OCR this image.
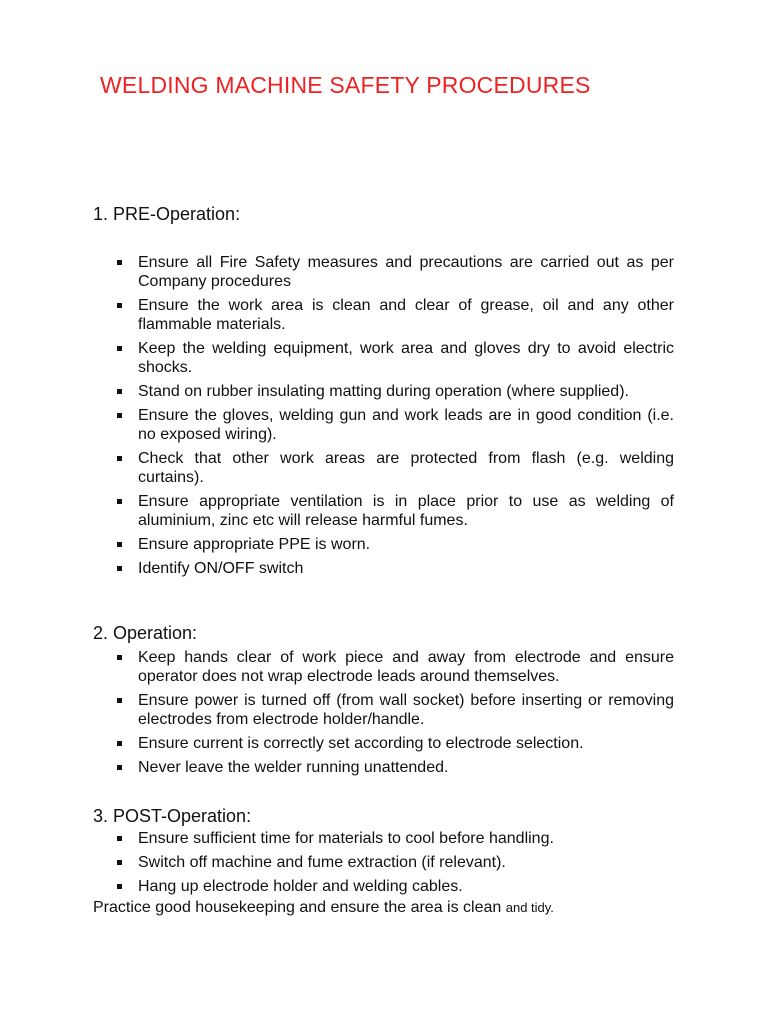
WELDING MACHINE SAFETY PROCEDURES
1. PRE-Operation:
Ensure all Fire Safety measures and precautions are carried out as per Company procedures
Ensure the work area is clean and clear of grease, oil and any other flammable materials.
Keep the welding equipment, work area and gloves dry to avoid electric shocks.
Stand on rubber insulating matting during operation (where supplied).
Ensure the gloves, welding gun and work leads are in good condition (i.e. no exposed wiring).
Check that other work areas are protected from flash (e.g. welding curtains).
Ensure appropriate ventilation is in place prior to use as welding of aluminium, zinc etc will release harmful fumes.
Ensure appropriate PPE is worn.
Identify ON/OFF switch
2. Operation:
Keep hands clear of work piece and away from electrode and ensure operator does not wrap electrode leads around themselves.
Ensure power is turned off (from wall socket) before inserting or removing electrodes from electrode holder/handle.
Ensure current is correctly set according to electrode selection.
Never leave the welder running unattended.
3. POST-Operation:
Ensure sufficient time for materials to cool before handling.
Switch off machine and fume extraction (if relevant).
Hang up electrode holder and welding cables.
Practice good housekeeping and ensure the area is clean and tidy.
